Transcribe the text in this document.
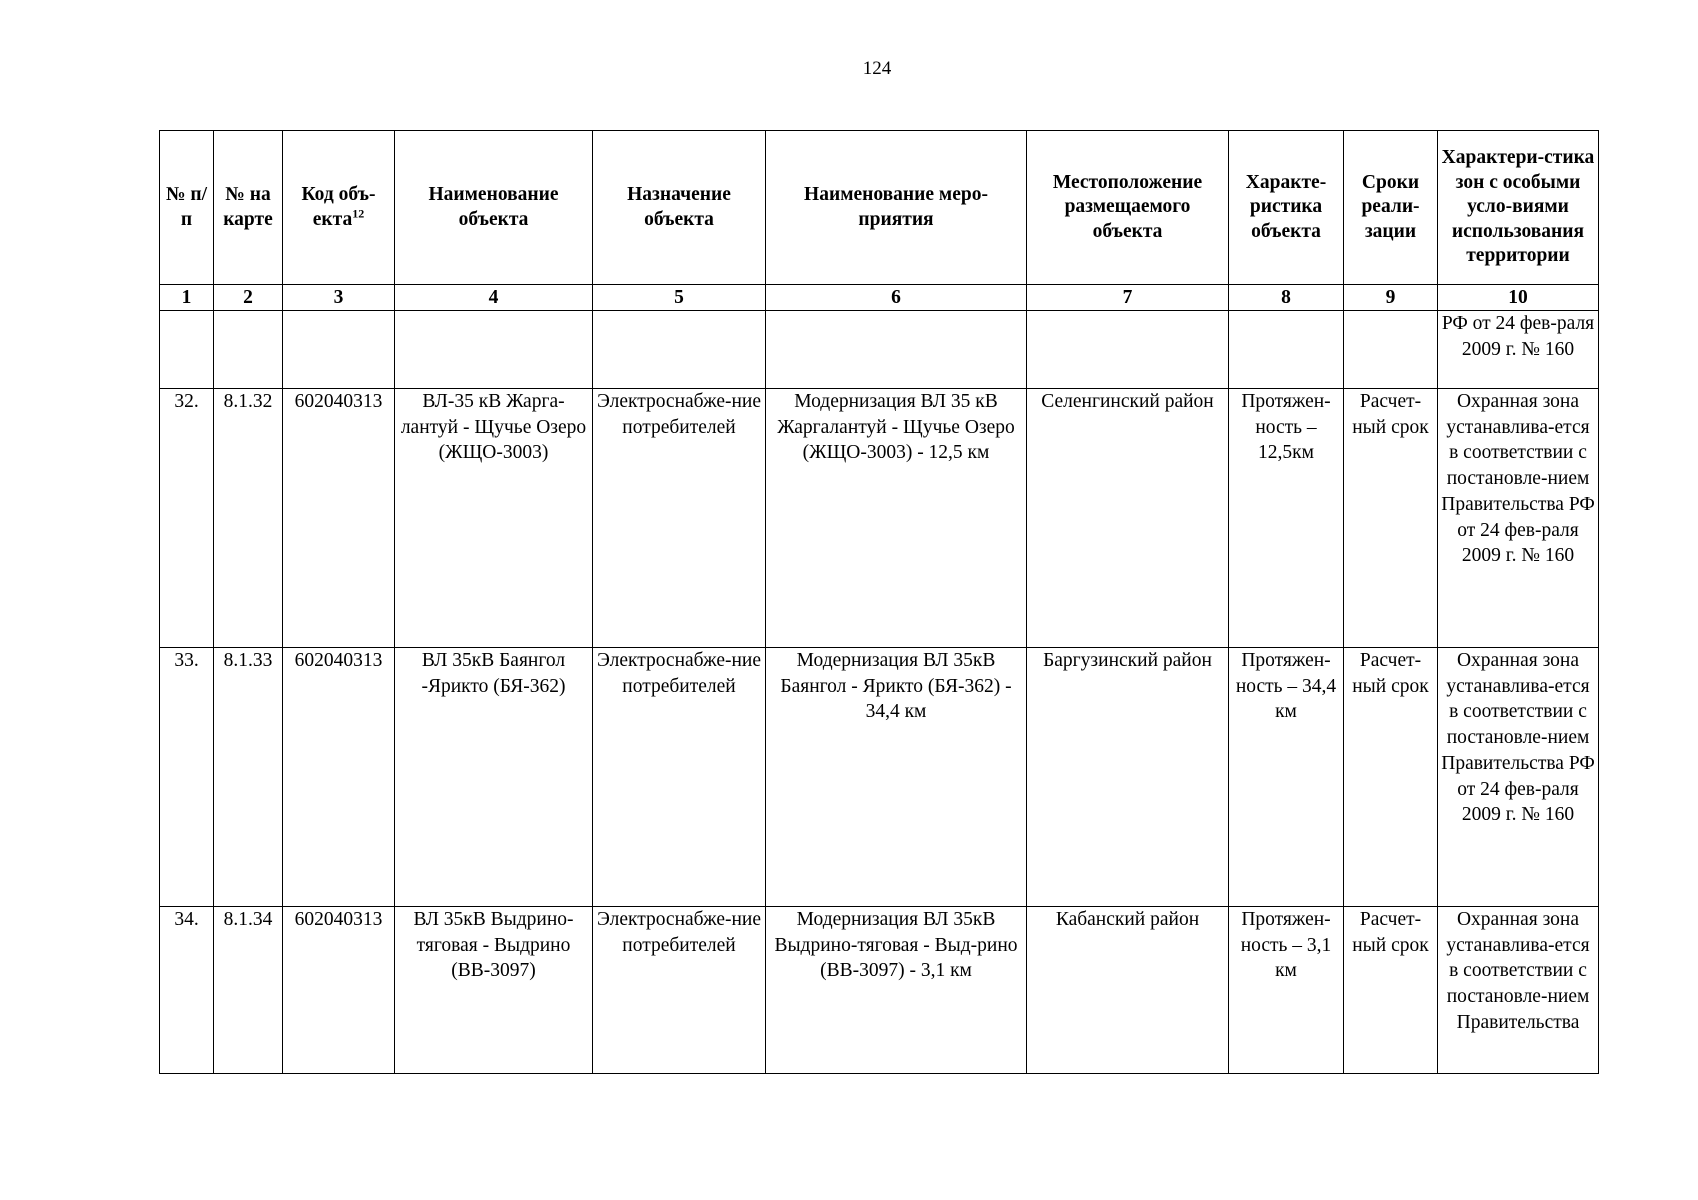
124
№ п/п	№ на карте	Код объ-екта$^{12}$	Наименование объекта	Назначение объекта	Наименование меро-приятия	Местоположение размещаемого объекта	Характе-ристика объекта	Сроки реали-зации	Характери-стика зон с особыми усло-виями использования территории
1	2	3	4	5	6	7	8	9	10
									РФ от 24 фев-раля 2009 г. № 160
32.	8.1.32	602040313	ВЛ-35 кВ Жарга-лантуй - Щучье Озеро (ЖЩО-3003)	Электроснабже-ние потребителей	Модернизация ВЛ 35 кВ Жаргалантуй - Щучье Озеро (ЖЩО-3003) - 12,5 км	Селенгинский район	Протяжен-ность – 12,5км	Расчет-ный срок	Охранная зона устанавлива-ется в соответствии с постановле-нием Правительства РФ от 24 фев-раля 2009 г. № 160
33.	8.1.33	602040313	ВЛ 35кВ Баянгол -Ярикто (БЯ-362)	Электроснабже-ние потребителей	Модернизация ВЛ 35кВ Баянгол - Ярикто (БЯ-362) - 34,4 км	Баргузинский район	Протяжен-ность – 34,4 км	Расчет-ный срок	Охранная зона устанавлива-ется в соответствии с постановле-нием Правительства РФ от 24 фев-раля 2009 г. № 160
34.	8.1.34	602040313	ВЛ 35кВ Выдрино-тяговая - Выдрино (ВВ-3097)	Электроснабже-ние потребителей	Модернизация ВЛ 35кВ Выдрино-тяговая - Выд-рино (ВВ-3097) - 3,1 км	Кабанский район	Протяжен-ность – 3,1 км	Расчет-ный срок	Охранная зона устанавлива-ется в соответствии с постановле-нием Правительства
